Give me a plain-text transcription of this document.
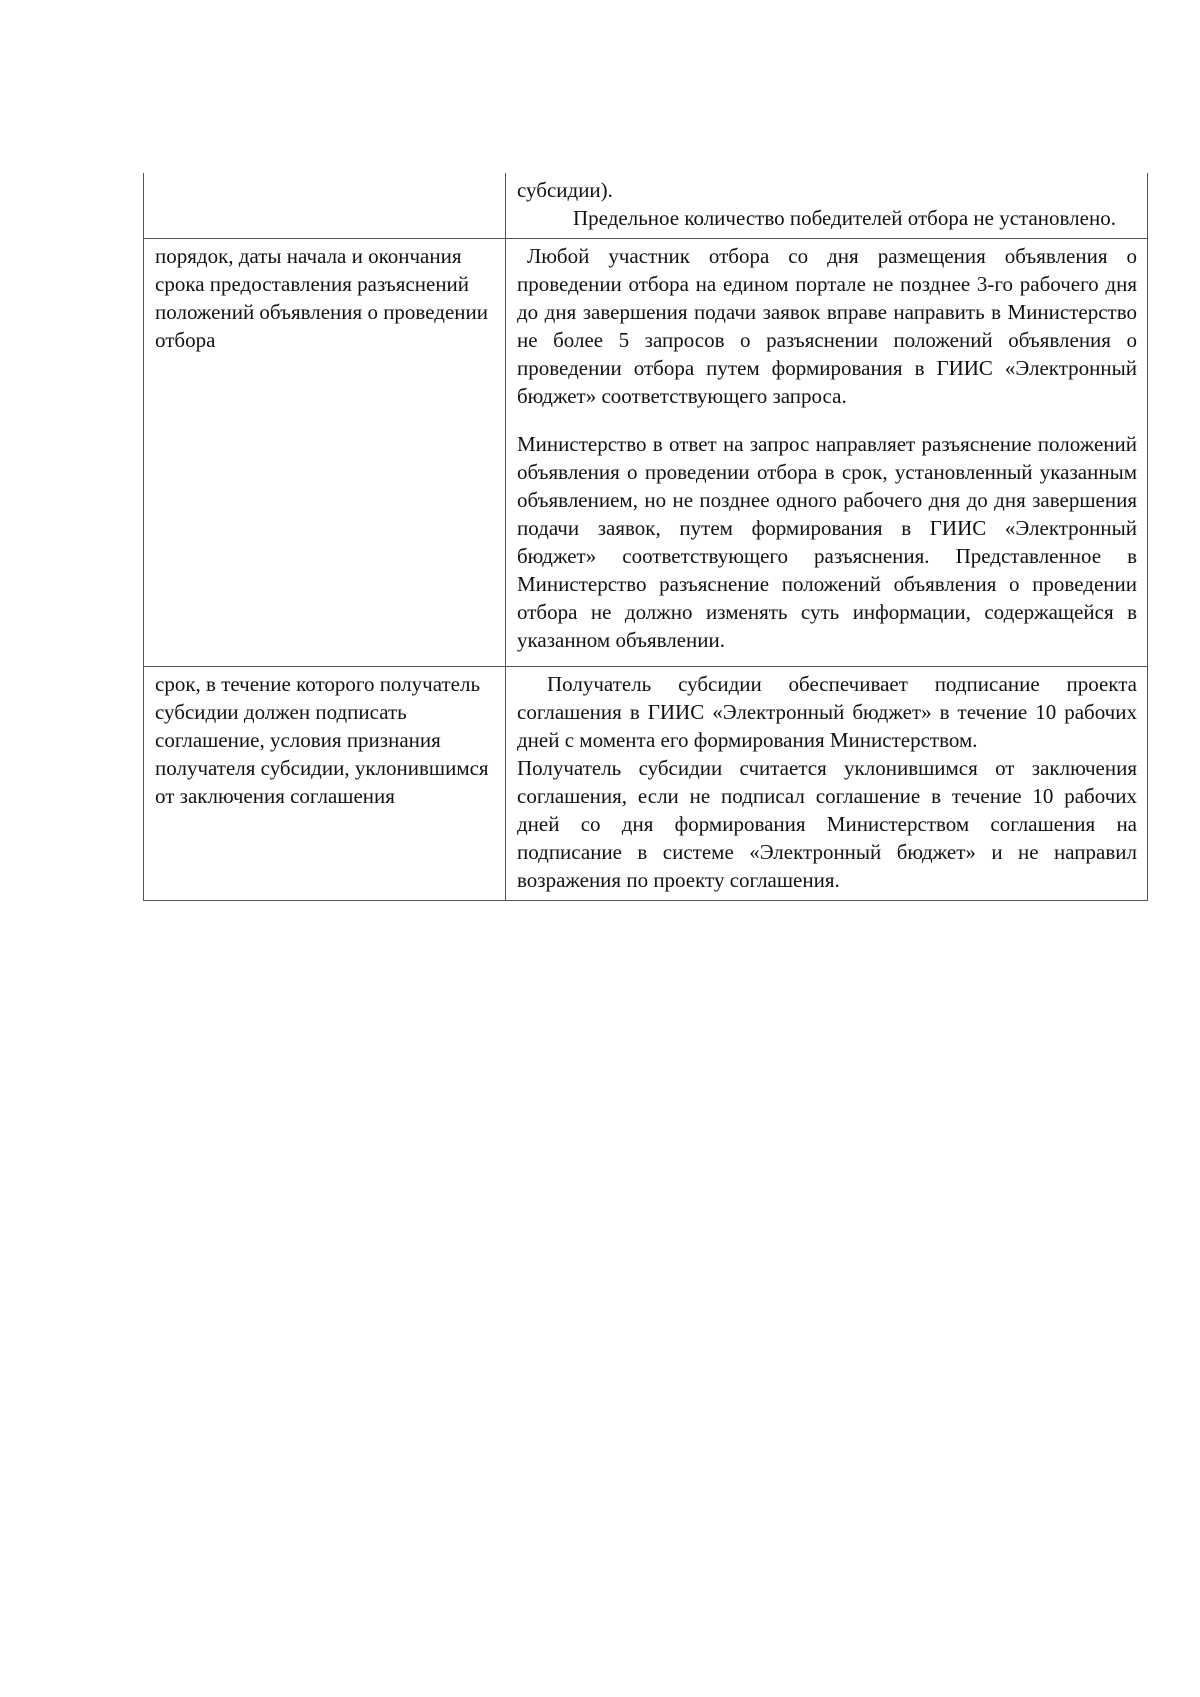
	субсидии).

Предельное количество победителей отбора не установлено.

порядок, даты начала и окончания срока предоставления разъяснений положений объявления о проведении отбора	Любой участник отбора со дня размещения объявления о проведении отбора на едином портале не позднее 3-го рабочего дня до дня завершения подачи заявок вправе направить в Министерство не более 5 запросов о разъяснении положений объявления о проведении отбора путем формирования в ГИИС «Электронный бюджет» соответствующего запроса.

Министерство в ответ на запрос направляет разъяснение положений объявления о проведении отбора в срок, установленный указанным объявлением, но не позднее одного рабочего дня до дня завершения подачи заявок, путем формирования в ГИИС «Электронный бюджет» соответствующего разъяснения. Представленное в Министерство разъяснение положений объявления о проведении отбора не должно изменять суть информации, содержащейся в указанном объявлении.

срок, в течение которого получатель субсидии должен подписать соглашение, условия признания получателя субсидии, уклонившимся от заключения соглашения	Получатель субсидии обеспечивает подписание проекта соглашения в ГИИС «Электронный бюджет» в течение 10 рабочих дней с момента его формирования Министерством.

Получатель субсидии считается уклонившимся от заключения соглашения, если не подписал соглашение в течение 10 рабочих дней со дня формирования Министерством соглашения на подписание в системе «Электронный бюджет» и не направил возражения по проекту соглашения.
